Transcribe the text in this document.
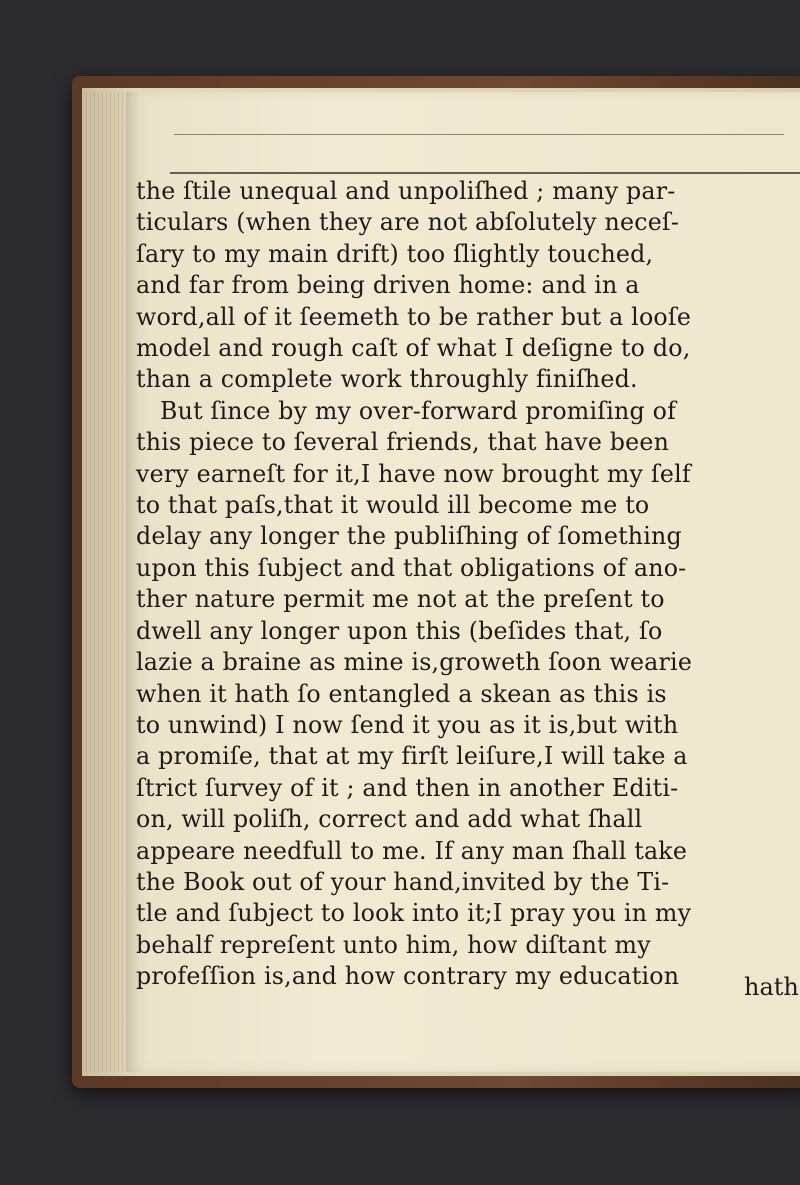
the ſtile unequal and unpoliſhed ; many par-
ticulars (when they are not abſolutely neceſ-
ſary to my main drift) too ſlightly touched,
and far from being driven home: and in a
word,all of it ſeemeth to be rather but a looſe
model and rough caſt of what I deſigne to do,
than a complete work throughly finiſhed.
But ſince by my over-forward promiſing of
this piece to ſeveral friends, that have been
very earneſt for it,I have now brought my ſelf
to that paſs,that it would ill become me to
delay any longer the publiſhing of ſomething
upon this ſubject and that obligations of ano-
ther nature permit me not at the preſent to
dwell any longer upon this (beſides that, ſo
lazie a braine as mine is,groweth ſoon wearie
when it hath ſo entangled a skean as this is
to unwind) I now ſend it you as it is,but with
a promiſe, that at my firſt leiſure,I will take a
ſtrict ſurvey of it ; and then in another Editi-
on, will poliſh, correct and add what ſhall
appeare needfull to me. If any man ſhall take
the Book out of your hand,invited by the Ti-
tle and ſubject to look into it;I pray you in my
behalf repreſent unto him, how diſtant my
profeſſion is,and how contrary my education	hath
